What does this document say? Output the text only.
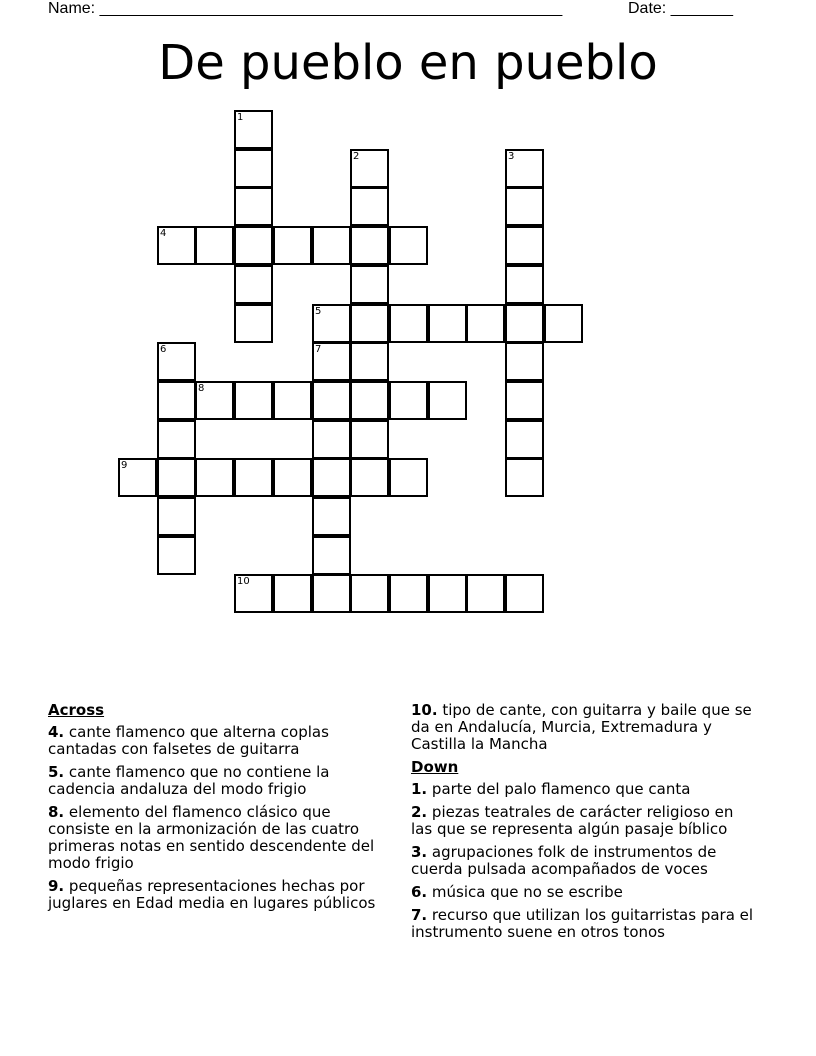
Name: ____________________________________________________	Date: _______
De pueblo en pueblo
1
2	3
4
5
6	7
8
9
10
Across
4. cante flamenco que alterna coplas cantadas con falsetes de guitarra
5. cante flamenco que no contiene la cadencia andaluza del modo frigio
8. elemento del flamenco clásico que consiste en la armonización de las cuatro primeras notas en sentido descendente del modo frigio
9. pequeñas representaciones hechas por juglares en Edad media en lugares públicos
10. tipo de cante, con guitarra y baile que se da en Andalucía, Murcia, Extremadura y Castilla la Mancha
Down
1. parte del palo flamenco que canta
2. piezas teatrales de carácter religioso en las que se representa algún pasaje bíblico
3. agrupaciones folk de instrumentos de cuerda pulsada acompañados de voces
6. música que no se escribe
7. recurso que utilizan los guitarristas para el instrumento suene en otros tonos
